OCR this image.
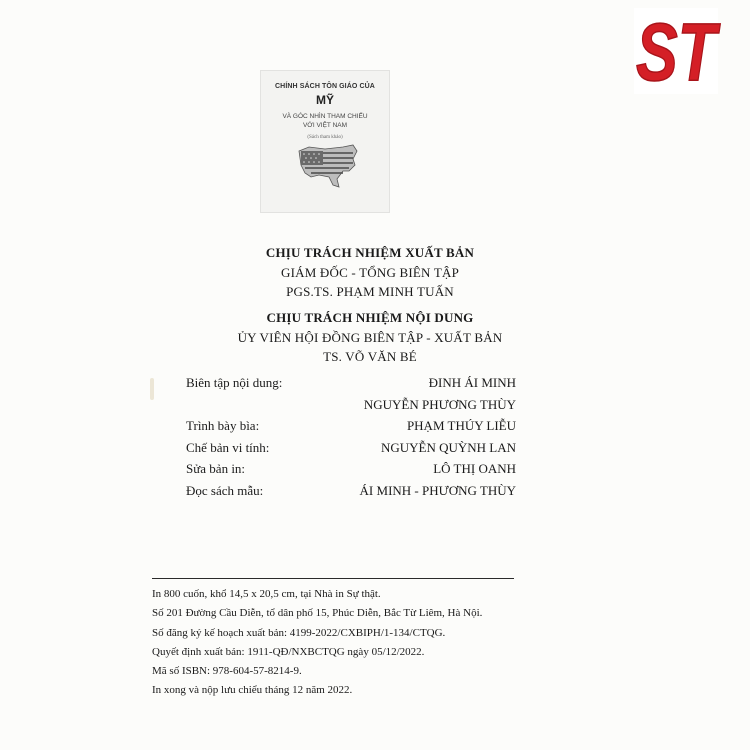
ST
CHÍNH SÁCH TÔN GIÁO CỦA
MỸ
VÀ GÓC NHÌN THAM CHIẾU
VỚI VIỆT NAM
(Sách tham khảo)
CHỊU TRÁCH NHIỆM XUẤT BẢN
GIÁM ĐỐC - TỔNG BIÊN TẬP
PGS.TS. PHẠM MINH TUẤN
CHỊU TRÁCH NHIỆM NỘI DUNG
ỦY VIÊN HỘI ĐỒNG BIÊN TẬP - XUẤT BẢN
TS. VÕ VĂN BÉ
Biên tập nội dung:	ĐINH ÁI MINH
NGUYỄN PHƯƠNG THÙY
Trình bày bìa:	PHẠM THÚY LIỄU
Chế bản vi tính:	NGUYỄN QUỲNH LAN
Sửa bản in:	LÔ THỊ OANH
Đọc sách mẫu:	ÁI MINH - PHƯƠNG THÙY
In 800 cuốn, khổ 14,5 x 20,5 cm, tại Nhà in Sự thật.
Số 201 Đường Cầu Diễn, tổ dân phố 15, Phúc Diễn, Bắc Từ Liêm, Hà Nội.
Số đăng ký kế hoạch xuất bản: 4199-2022/CXBIPH/1-134/CTQG.
Quyết định xuất bản: 1911-QĐ/NXBCTQG ngày 05/12/2022.
Mã số ISBN: 978-604-57-8214-9.
In xong và nộp lưu chiểu tháng 12 năm 2022.
